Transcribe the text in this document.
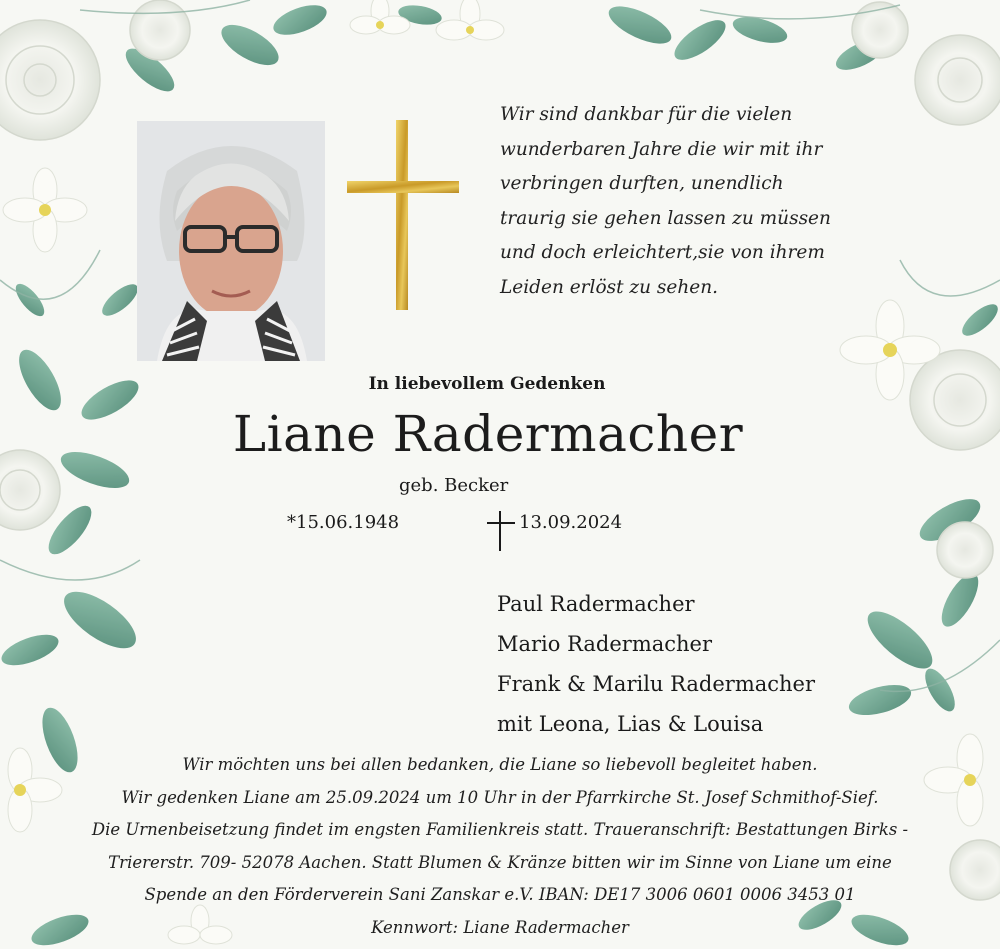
Wir sind dankbar für die vielen
wunderbaren Jahre die wir mit ihr
verbringen durften, unendlich
traurig sie gehen lassen zu müssen
und doch erleichtert,sie von ihrem
Leiden erlöst zu sehen.
In liebevollem Gedenken
Liane Radermacher
geb. Becker
*15.06.1948	13.09.2024
Paul Radermacher
Mario Radermacher
Frank & Marilu Radermacher
mit Leona, Lias & Louisa
Wir möchten uns bei allen bedanken, die Liane so liebevoll begleitet haben.
Wir gedenken Liane am 25.09.2024 um 10 Uhr in der Pfarrkirche St. Josef Schmithof-Sief.
Die Urnenbeisetzung findet im engsten Familienkreis statt. Traueranschrift: Bestattungen Birks -
Triererstr. 709- 52078 Aachen. Statt Blumen & Kränze bitten wir im Sinne von Liane um eine
Spende an den Förderverein Sani Zanskar e.V. IBAN: DE17 3006 0601 0006 3453 01
Kennwort: Liane Radermacher
